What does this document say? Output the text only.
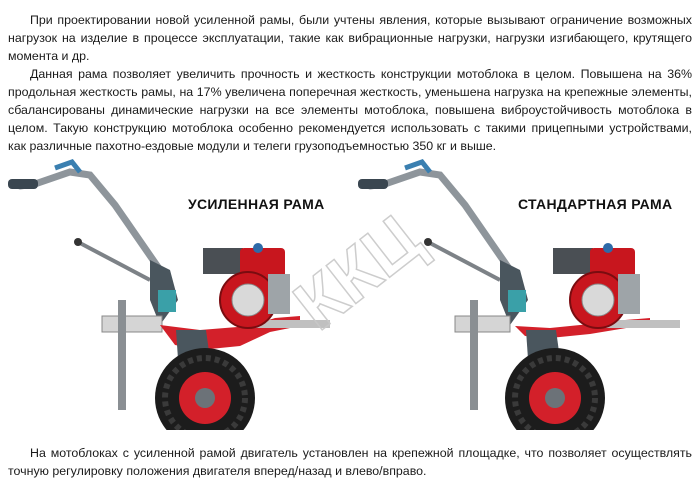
При проектировании новой усиленной рамы, были учтены явления, которые вызывают ограничение возможных нагрузок на изделие в процессе эксплуатации, такие как вибрационные нагрузки, нагрузки изгибающего, крутящего момента и др.

Данная рама позволяет увеличить прочность и жесткость конструкции мотоблока в целом. Повышена на 36% продольная жесткость рамы, на 17% увеличена поперечная жесткость, уменьшена нагрузка на крепежные элементы, сбалансированы динамические нагрузки на все элементы мотоблока, повышена виброустойчивость мотоблока в целом. Такую конструкцию мотоблока особенно рекомендуется использовать с такими прицепными устройствами, как различные пахотно-ездовые модули и телеги грузоподъемностью 350 кг и выше.

ККЦ
УСИЛЕННАЯ РАМА	СТАНДАРТНАЯ РАМА

На мотоблоках с усиленной рамой двигатель установлен на крепежной площадке, что позволяет осуществлять точную регулировку положения двигателя вперед/назад и влево/вправо.
